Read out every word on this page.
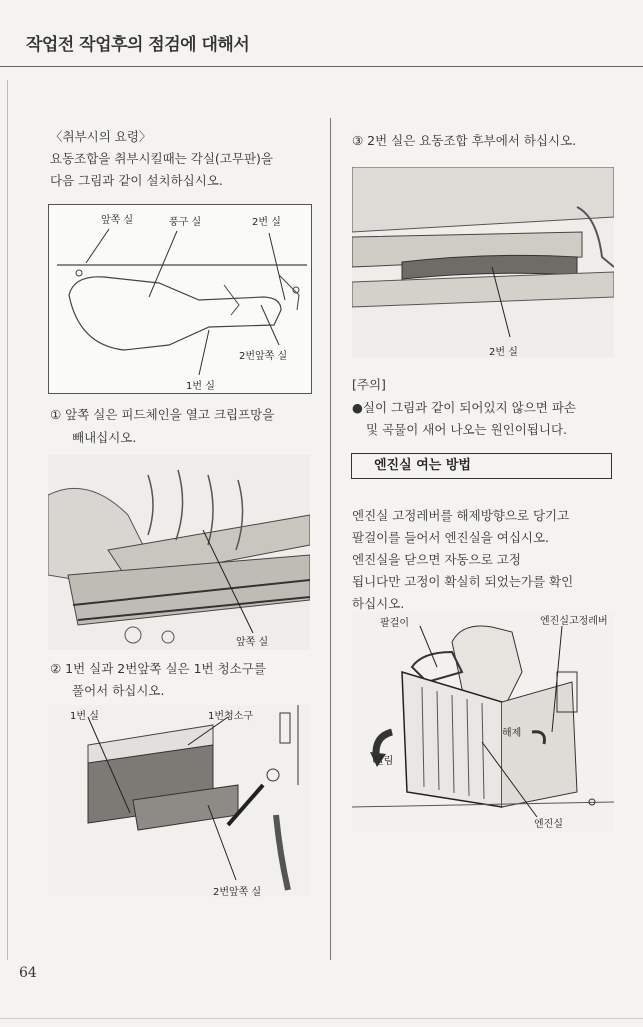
작업전 작업후의 점검에 대해서
〈취부시의 요령〉
요동조합을 취부시킬때는 각실(고무판)을
다음 그림과 같이 설치하십시오.
앞쪽 실	풍구 실	2번 실
2번앞쪽 실
1번 실
① 앞쪽 실은 피드체인을 열고 크립프망을
빼내십시오.
앞쪽 실
② 1번 실과 2번앞쪽 실은 1번 청소구를
풀어서 하십시오.
1번 실	1번청소구
2번앞쪽 실
③ 2번 실은 요동조합 후부에서 하십시오.
2번 실
[주의]
●실이 그림과 같이 되어있지 않으면 파손
및 곡물이 새어 나오는 원인이됩니다.
엔진실 여는 방법
엔진실 고정레버를 해제방향으로 당기고
팔걸이를 들어서 엔진실을 여십시오.
엔진실을 닫으면 자동으로 고정
됩니다만 고정이 확실히 되었는가를 확인
하십시오.
팔걸이	엔진실고정레버
해제
열림
엔진실
64
